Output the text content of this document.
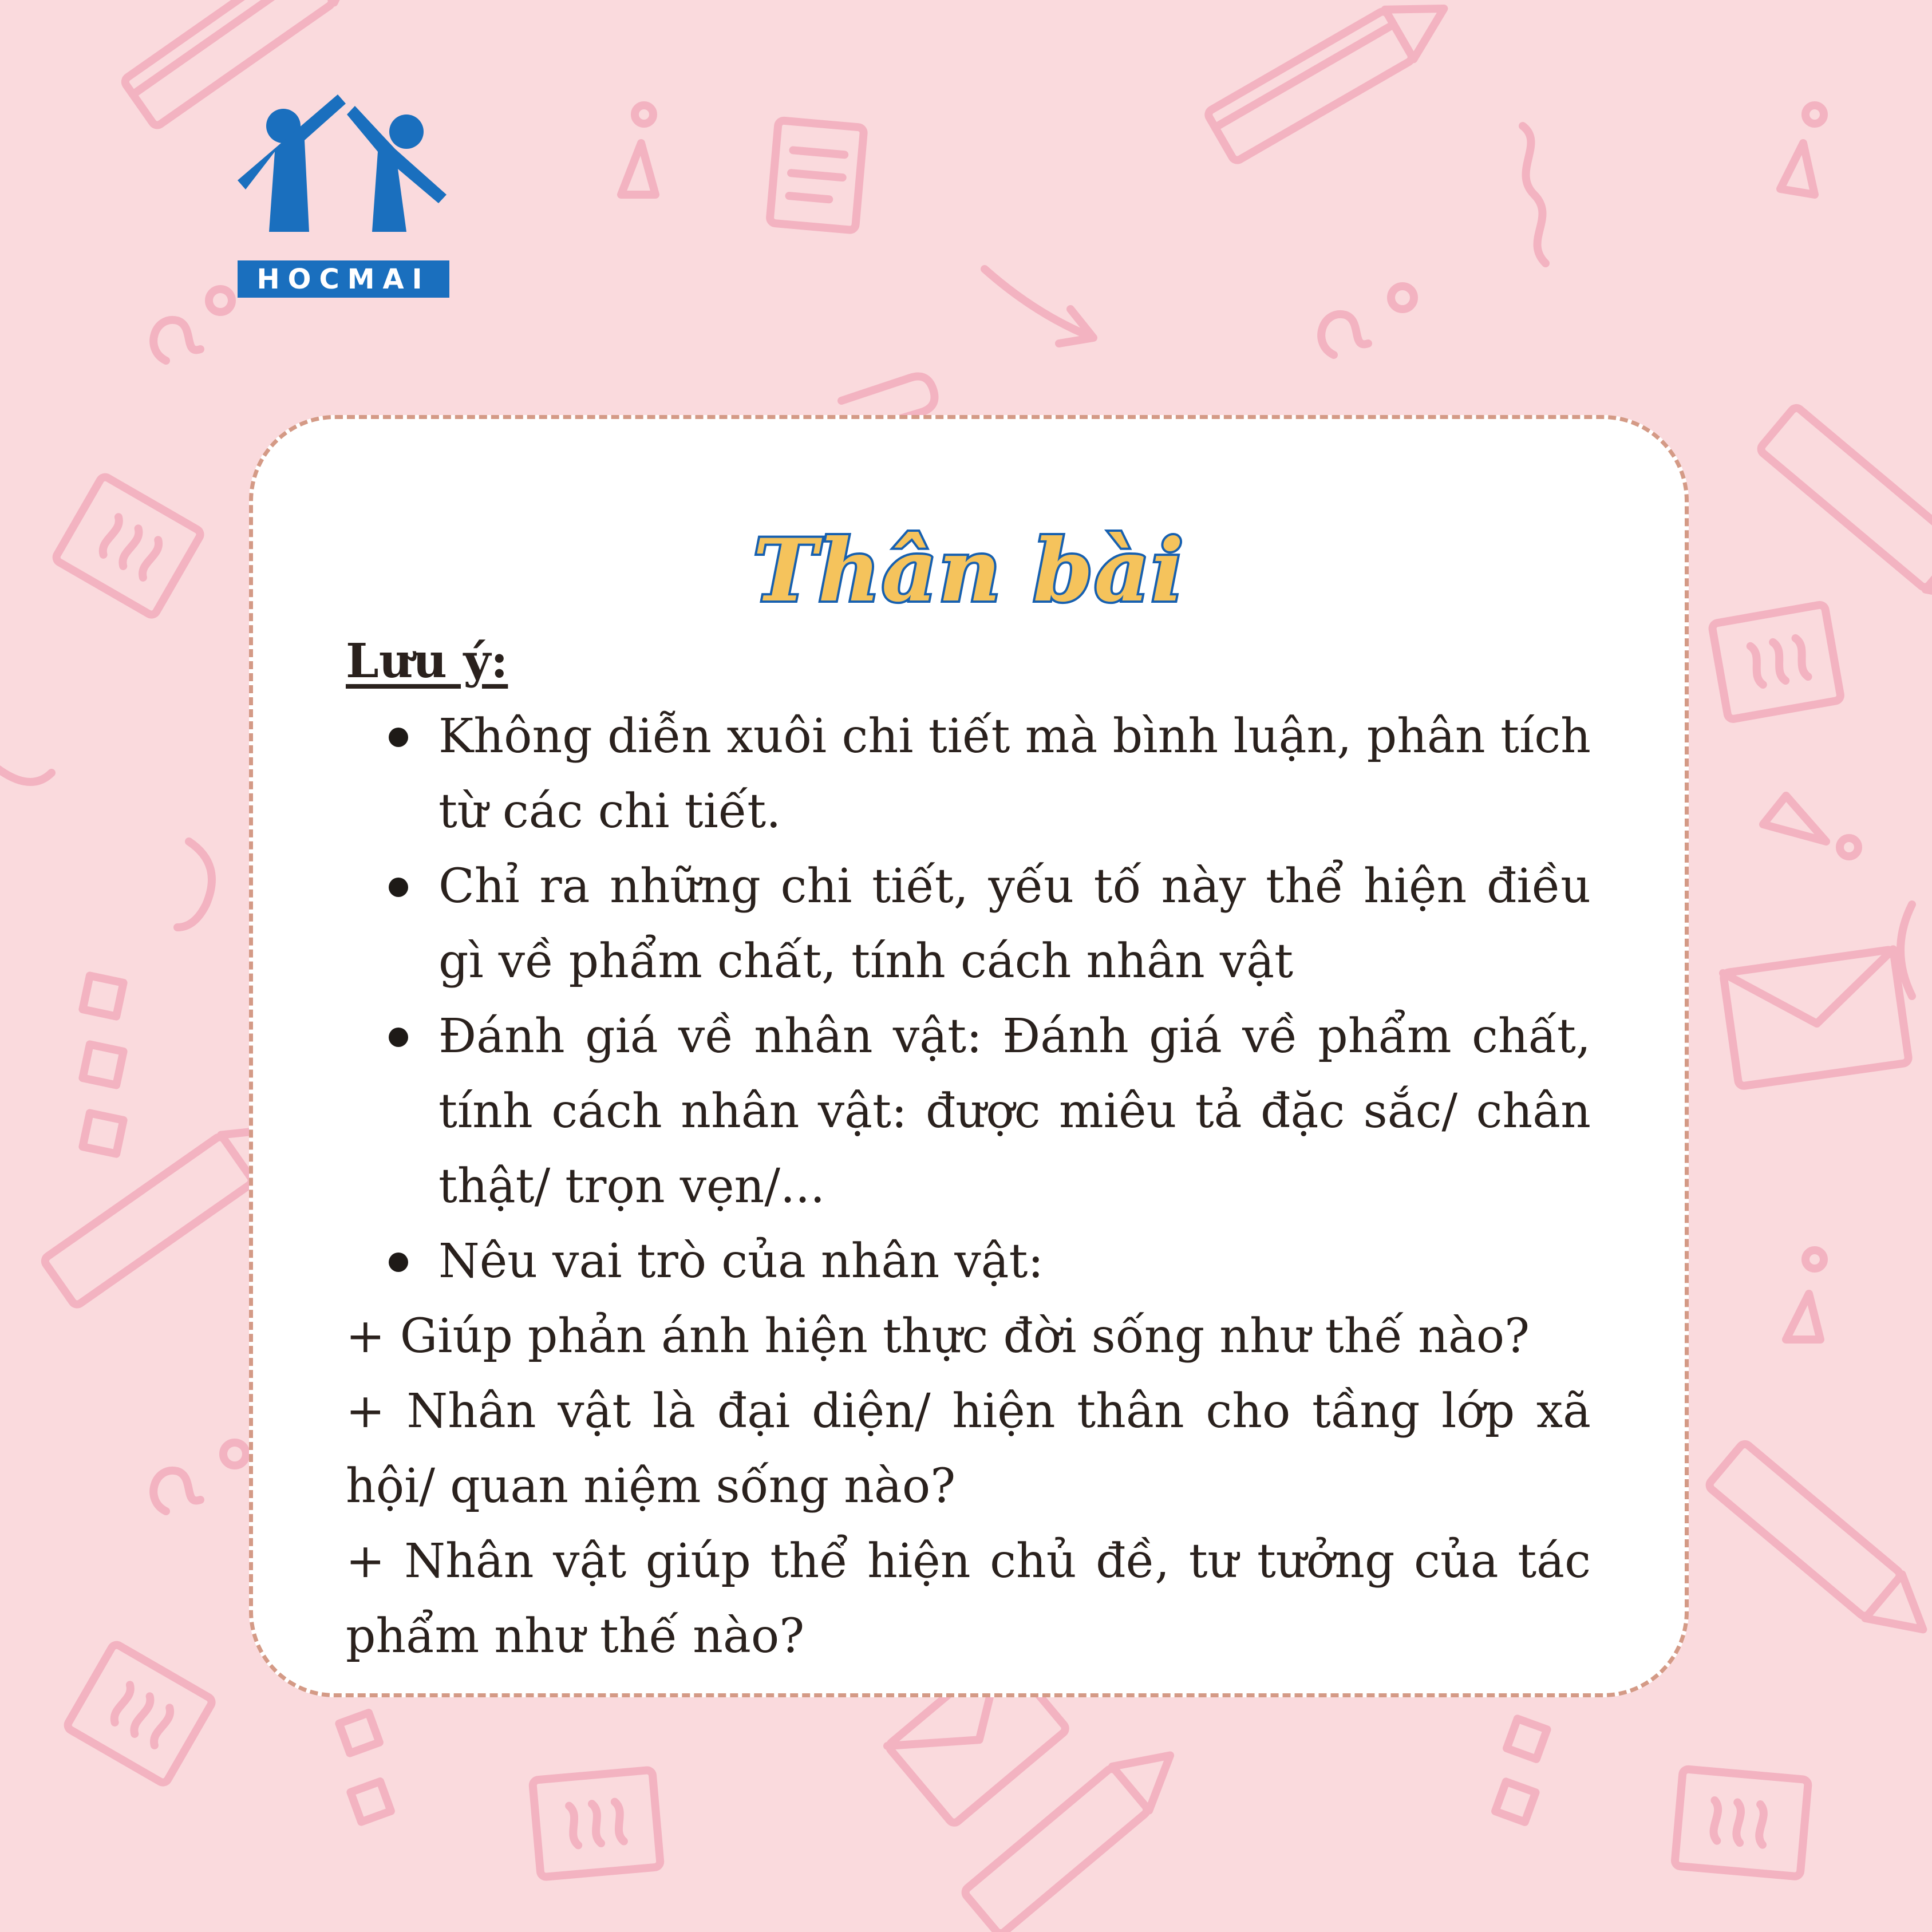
HOCMAI
Thân bài
Lưu ý:
Không diễn xuôi chi tiết mà bình luận, phân tích từ các chi tiết.
Chỉ ra những chi tiết, yếu tố này thể hiện điều gì về phẩm chất, tính cách nhân vật
Đánh giá về nhân vật: Đánh giá về phẩm chất, tính cách nhân vật: được miêu tả đặc sắc/ chân thật/ trọn vẹn/...
Nêu vai trò của nhân vật:
+ Giúp phản ánh hiện thực đời sống như thế nào?
+ Nhân vật là đại diện/ hiện thân cho tầng lớp xã hội/ quan niệm sống nào?
+ Nhân vật giúp thể hiện chủ đề, tư tưởng của tác phẩm như thế nào?
